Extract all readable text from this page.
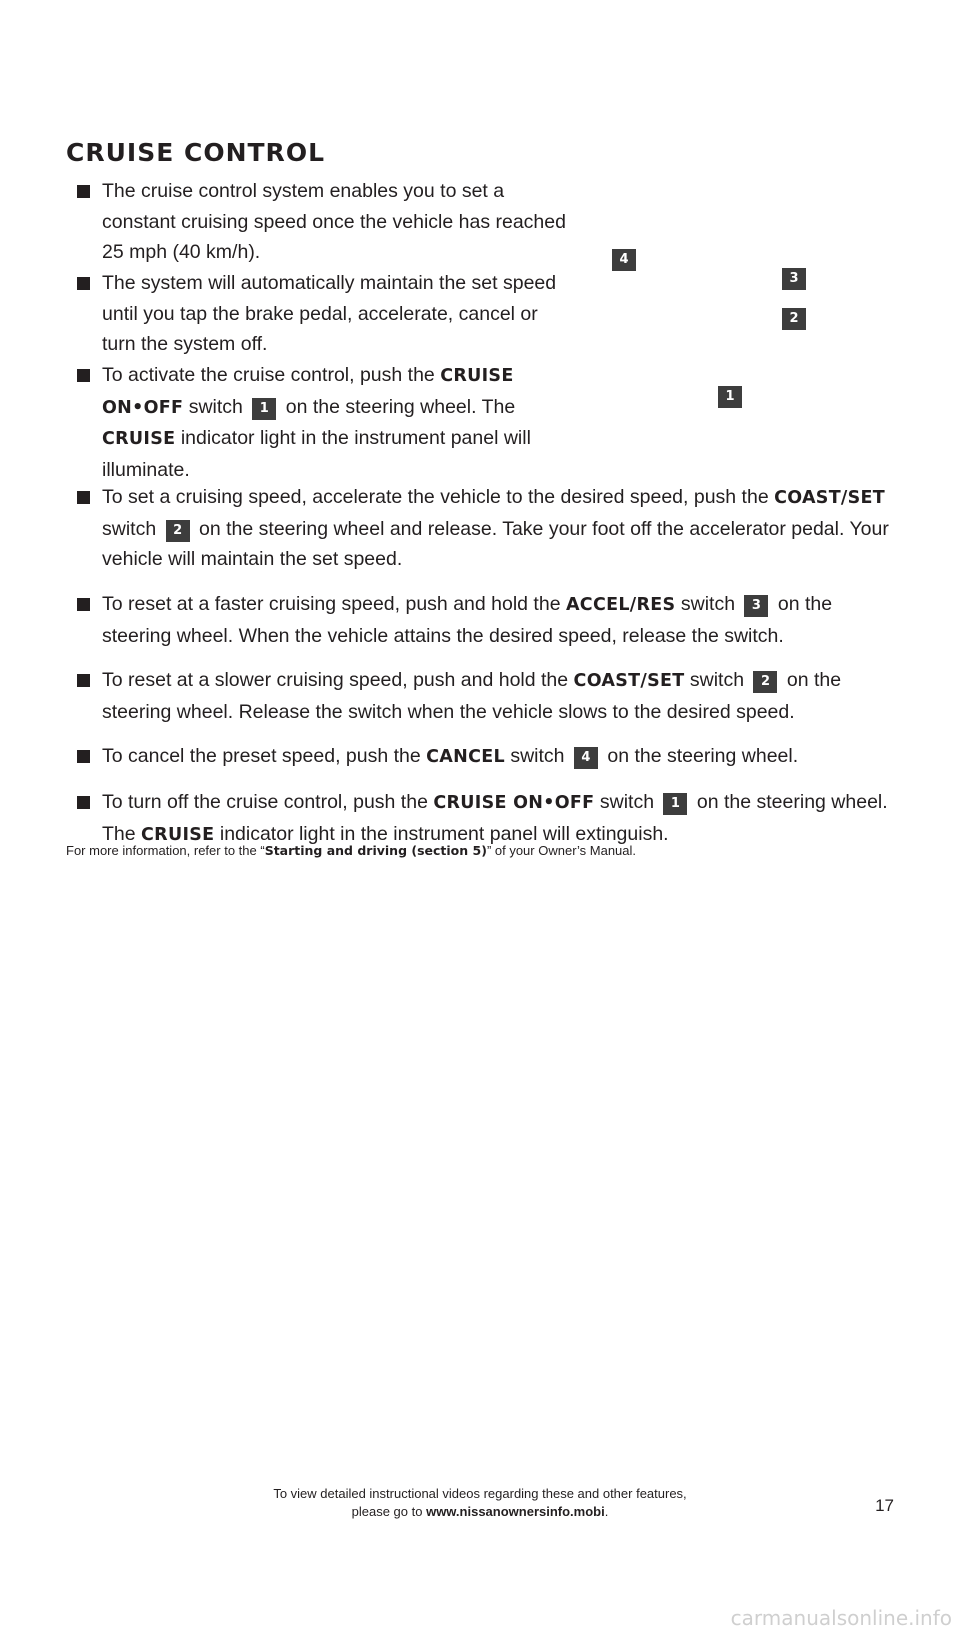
CRUISE CONTROL
The cruise control system enables you to set a constant cruising speed once the vehicle has reached 25 mph (40 km/h).
The system will automatically maintain the set speed until you tap the brake pedal, accelerate, cancel or turn the system off.
To activate the cruise control, push the CRUISE ON•OFF switch 1 on the steering wheel. The CRUISE indicator light in the instrument panel will illuminate.
To set a cruising speed, accelerate the vehicle to the desired speed, push the COAST/SET switch 2 on the steering wheel and release. Take your foot off the accelerator pedal. Your vehicle will maintain the set speed.
To reset at a faster cruising speed, push and hold the ACCEL/RES switch 3 on the steering wheel. When the vehicle attains the desired speed, release the switch.
To reset at a slower cruising speed, push and hold the COAST/SET switch 2 on the steering wheel. Release the switch when the vehicle slows to the desired speed.
To cancel the preset speed, push the CANCEL switch 4 on the steering wheel.
To turn off the cruise control, push the CRUISE ON•OFF switch 1 on the steering wheel. The CRUISE indicator light in the instrument panel will extinguish.
4
3
2
1
For more information, refer to the “Starting and driving (section 5)” of your Owner’s Manual.
To view detailed instructional videos regarding these and other features,
please go to www.nissanownersinfo.mobi.	17
carmanualsonline.info
